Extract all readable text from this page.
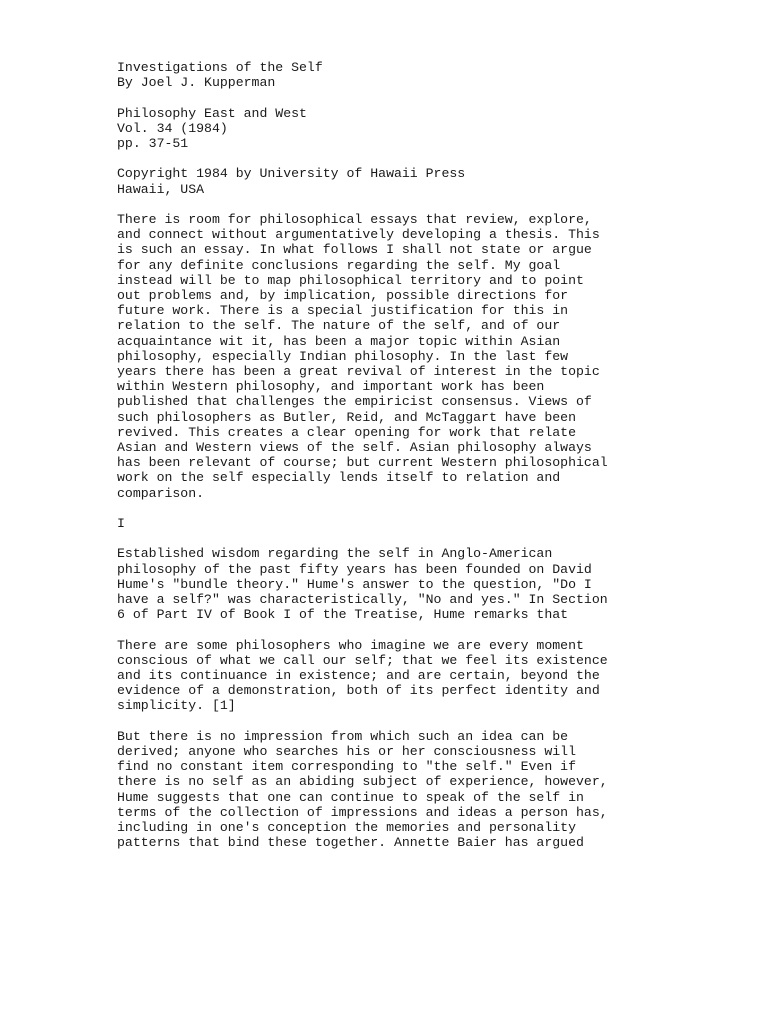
Investigations of the Self
By Joel J. Kupperman
Philosophy East and West
Vol. 34 (1984)
pp. 37-51
Copyright 1984 by University of Hawaii Press
Hawaii, USA
There is room for philosophical essays that review, explore,
and connect without argumentatively developing a thesis. This
is such an essay. In what follows I shall not state or argue
for any definite conclusions regarding the self. My goal
instead will be to map philosophical territory and to point
out problems and, by implication, possible directions for
future work. There is a special justification for this in
relation to the self. The nature of the self, and of our
acquaintance wit it, has been a major topic within Asian
philosophy, especially Indian philosophy. In the last few
years there has been a great revival of interest in the topic
within Western philosophy, and important work has been
published that challenges the empiricist consensus. Views of
such philosophers as Butler, Reid, and McTaggart have been
revived. This creates a clear opening for work that relate
Asian and Western views of the self. Asian philosophy always
has been relevant of course; but current Western philosophical
work on the self especially lends itself to relation and
comparison.
I
Established wisdom regarding the self in Anglo-American
philosophy of the past fifty years has been founded on David
Hume's "bundle theory." Hume's answer to the question, "Do I
have a self?" was characteristically, "No and yes." In Section
6 of Part IV of Book I of the Treatise, Hume remarks that
There are some philosophers who imagine we are every moment
conscious of what we call our self; that we feel its existence
and its continuance in existence; and are certain, beyond the
evidence of a demonstration, both of its perfect identity and
simplicity. [1]
But there is no impression from which such an idea can be
derived; anyone who searches his or her consciousness will
find no constant item corresponding to "the self." Even if
there is no self as an abiding subject of experience, however,
Hume suggests that one can continue to speak of the self in
terms of the collection of impressions and ideas a person has,
including in one's conception the memories and personality
patterns that bind these together. Annette Baier has argued
